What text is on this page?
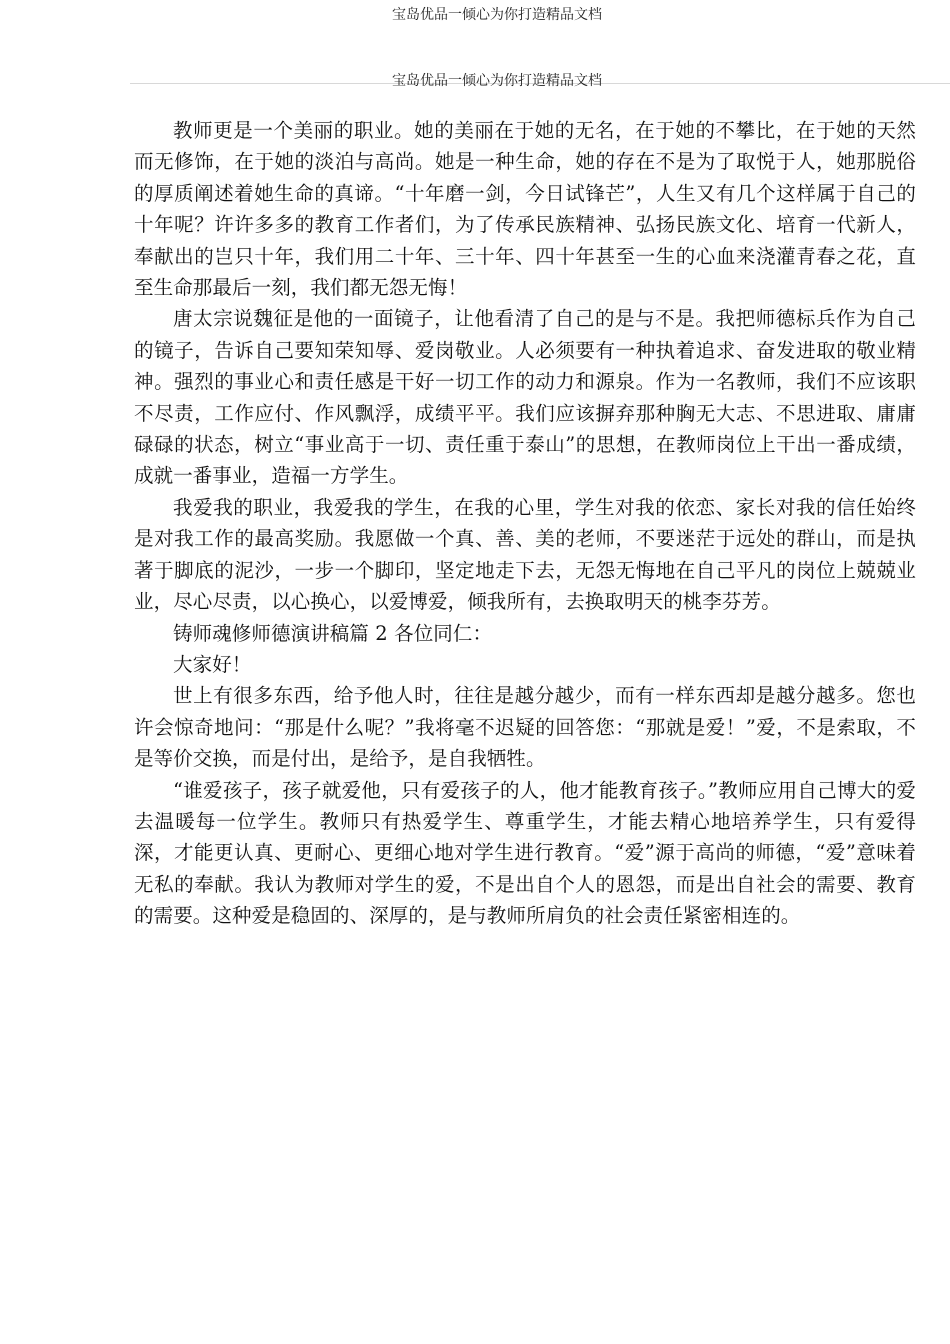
宝岛优品一倾心为你打造精品文档
宝岛优品一倾心为你打造精品文档

教师更是一个美丽的职业。她的美丽在于她的无名，在于她的不攀比，在于她的天然而无修饰，在于她的淡泊与高尚。她是一种生命，她的存在不是为了取悦于人，她那脱俗的厚质阐述着她生命的真谛。“十年磨一剑，今日试锋芒”，人生又有几个这样属于自己的十年呢？许许多多的教育工作者们，为了传承民族精神、弘扬民族文化、培育一代新人，奉献出的岂只十年，我们用二十年、三十年、四十年甚至一生的心血来浇灌青春之花，直至生命那最后一刻，我们都无怨无悔！

唐太宗说魏征是他的一面镜子，让他看清了自己的是与不是。我把师德标兵作为自己的镜子，告诉自己要知荣知辱、爱岗敬业。人必须要有一种执着追求、奋发进取的敬业精神。强烈的事业心和责任感是干好一切工作的动力和源泉。作为一名教师，我们不应该职不尽责，工作应付、作风飘浮，成绩平平。我们应该摒弃那种胸无大志、不思进取、庸庸碌碌的状态，树立“事业高于一切、责任重于泰山”的思想，在教师岗位上干出一番成绩，成就一番事业，造福一方学生。

我爱我的职业，我爱我的学生，在我的心里，学生对我的依恋、家长对我的信任始终是对我工作的最高奖励。我愿做一个真、善、美的老师，不要迷茫于远处的群山，而是执著于脚底的泥沙，一步一个脚印，坚定地走下去，无怨无悔地在自己平凡的岗位上兢兢业业，尽心尽责，以心换心，以爱博爱，倾我所有，去换取明天的桃李芬芳。

铸师魂修师德演讲稿篇 2 各位同仁：

大家好！

世上有很多东西，给予他人时，往往是越分越少，而有一样东西却是越分越多。您也许会惊奇地问：“那是什么呢？”我将毫不迟疑的回答您：“那就是爱！”爱，不是索取，不是等价交换，而是付出，是给予，是自我牺牲。

“谁爱孩子，孩子就爱他，只有爱孩子的人，他才能教育孩子。”教师应用自己博大的爱去温暖每一位学生。教师只有热爱学生、尊重学生，才能去精心地培养学生，只有爱得深，才能更认真、更耐心、更细心地对学生进行教育。“爱”源于高尚的师德，“爱”意味着无私的奉献。我认为教师对学生的爱，不是出自个人的恩怨，而是出自社会的需要、教育的需要。这种爱是稳固的、深厚的，是与教师所肩负的社会责任紧密相连的。
